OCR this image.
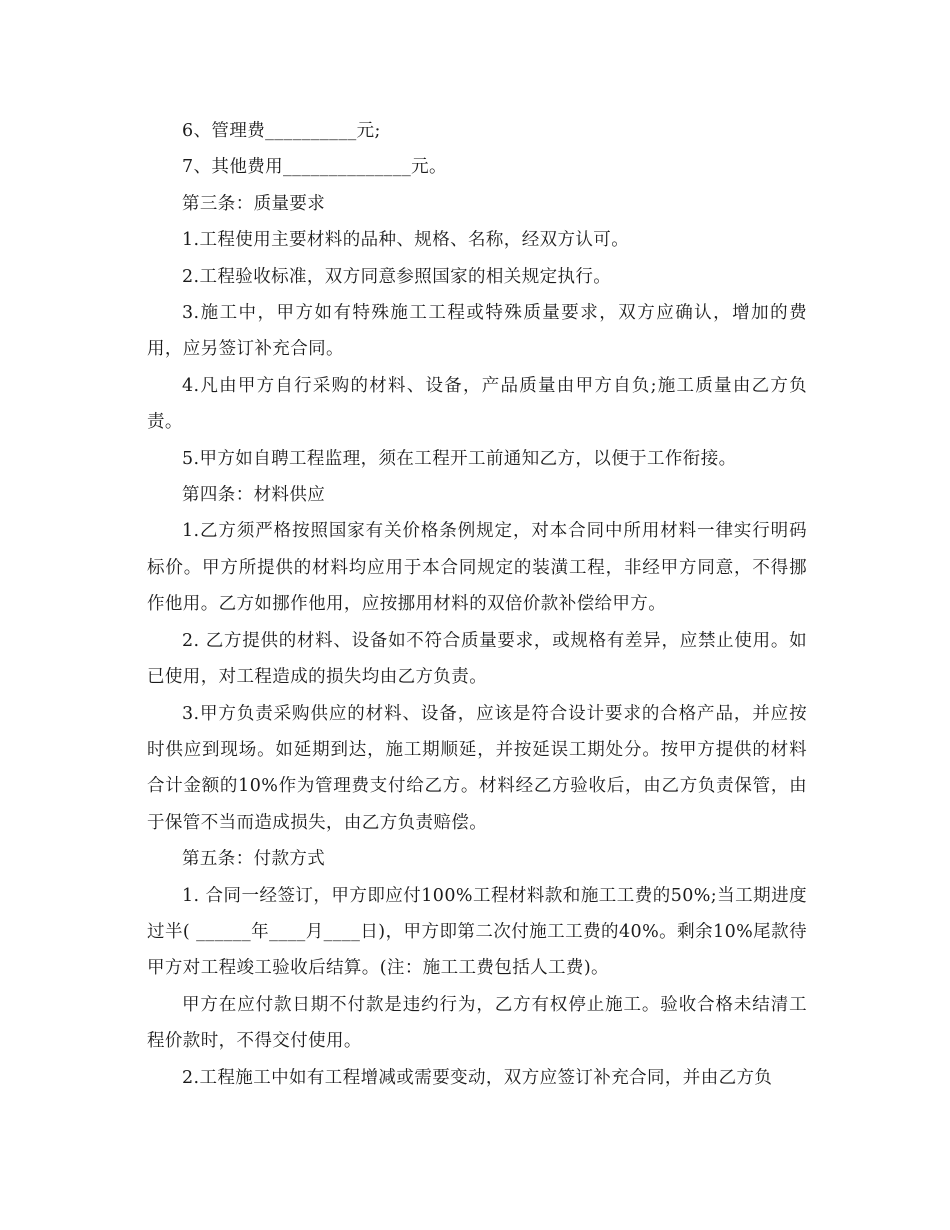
6、管理费__________元;

7、其他费用______________元。

第三条：质量要求

1.工程使用主要材料的品种、规格、名称，经双方认可。

2.工程验收标准，双方同意参照国家的相关规定执行。

3.施工中，甲方如有特殊施工工程或特殊质量要求，双方应确认，增加的费用，应另签订补充合同。

4.凡由甲方自行采购的材料、设备，产品质量由甲方自负;施工质量由乙方负责。

5.甲方如自聘工程监理，须在工程开工前通知乙方，以便于工作衔接。

第四条：材料供应

1.乙方须严格按照国家有关价格条例规定，对本合同中所用材料一律实行明码标价。甲方所提供的材料均应用于本合同规定的装潢工程，非经甲方同意，不得挪作他用。乙方如挪作他用，应按挪用材料的双倍价款补偿给甲方。

2. 乙方提供的材料、设备如不符合质量要求，或规格有差异，应禁止使用。如已使用，对工程造成的损失均由乙方负责。

3.甲方负责采购供应的材料、设备，应该是符合设计要求的合格产品，并应按时供应到现场。如延期到达，施工期顺延，并按延误工期处分。按甲方提供的材料合计金额的10%作为管理费支付给乙方。材料经乙方验收后，由乙方负责保管，由于保管不当而造成损失，由乙方负责赔偿。

第五条：付款方式

1. 合同一经签订，甲方即应付100%工程材料款和施工工费的50%;当工期进度过半( ______年____月____日)，甲方即第二次付施工工费的40%。剩余10%尾款待甲方对工程竣工验收后结算。(注：施工工费包括人工费)。

甲方在应付款日期不付款是违约行为，乙方有权停止施工。验收合格未结清工程价款时，不得交付使用。

2.工程施工中如有工程增减或需要变动，双方应签订补充合同，并由乙方负
